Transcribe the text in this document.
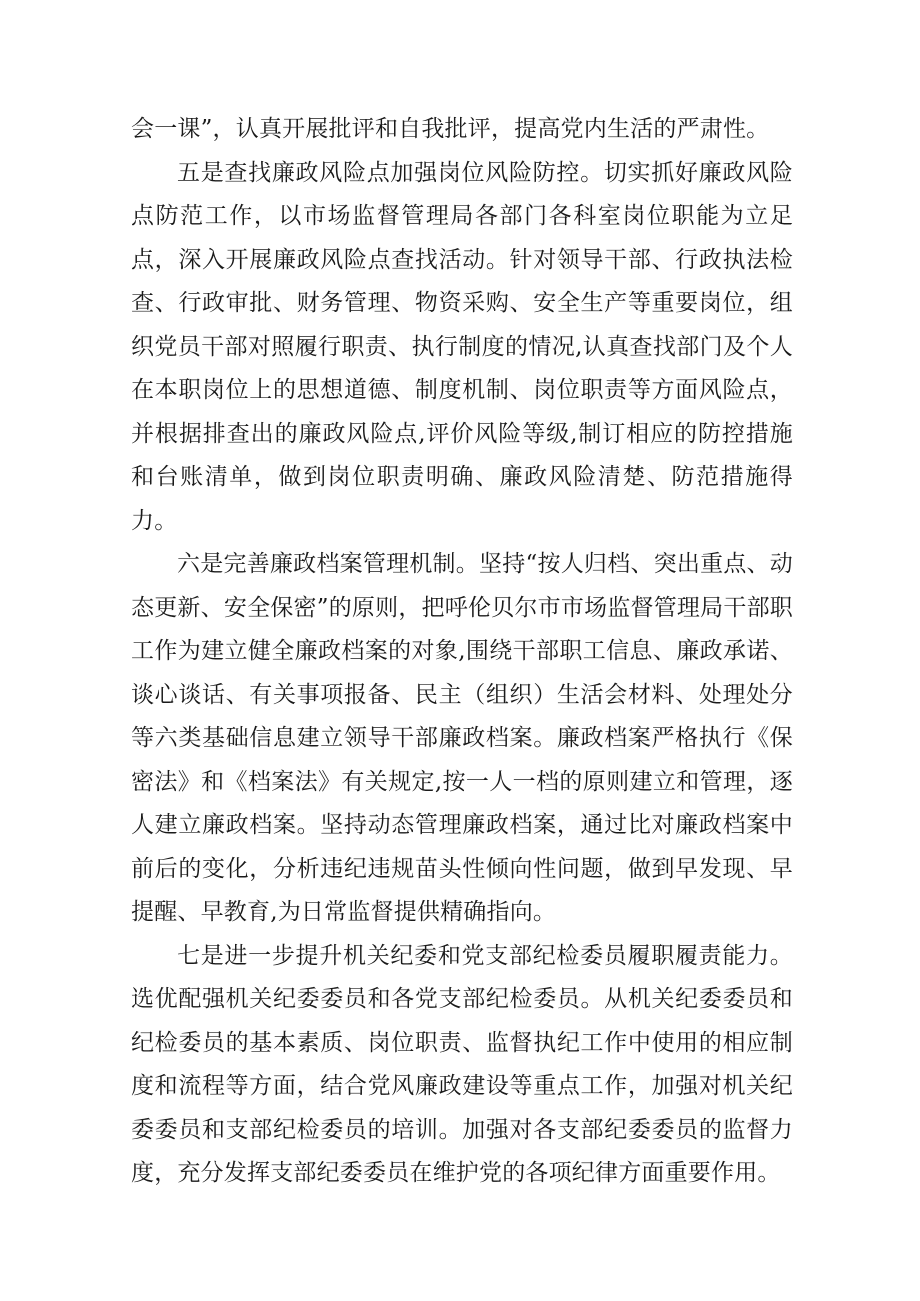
会一课”，认真开展批评和自我批评，提高党内生活的严肃性。

五是查找廉政风险点加强岗位风险防控。切实抓好廉政风险点防范工作，以市场监督管理局各部门各科室岗位职能为立足点，深入开展廉政风险点查找活动。针对领导干部、行政执法检查、行政审批、财务管理、物资采购、安全生产等重要岗位，组织党员干部对照履行职责、执行制度的情况,认真查找部门及个人在本职岗位上的思想道德、制度机制、岗位职责等方面风险点，并根据排查出的廉政风险点,评价风险等级,制订相应的防控措施和台账清单，做到岗位职责明确、廉政风险清楚、防范措施得力。

六是完善廉政档案管理机制。坚持“按人归档、突出重点、动态更新、安全保密”的原则，把呼伦贝尔市市场监督管理局干部职工作为建立健全廉政档案的对象,围绕干部职工信息、廉政承诺、谈心谈话、有关事项报备、民主（组织）生活会材料、处理处分等六类基础信息建立领导干部廉政档案。廉政档案严格执行《保密法》和《档案法》有关规定,按一人一档的原则建立和管理，逐人建立廉政档案。坚持动态管理廉政档案，通过比对廉政档案中前后的变化，分析违纪违规苗头性倾向性问题，做到早发现、早提醒、早教育,为日常监督提供精确指向。

七是进一步提升机关纪委和党支部纪检委员履职履责能力。选优配强机关纪委委员和各党支部纪检委员。从机关纪委委员和纪检委员的基本素质、岗位职责、监督执纪工作中使用的相应制度和流程等方面，结合党风廉政建设等重点工作，加强对机关纪委委员和支部纪检委员的培训。加强对各支部纪委委员的监督力度，充分发挥支部纪委委员在维护党的各项纪律方面重要作用。
